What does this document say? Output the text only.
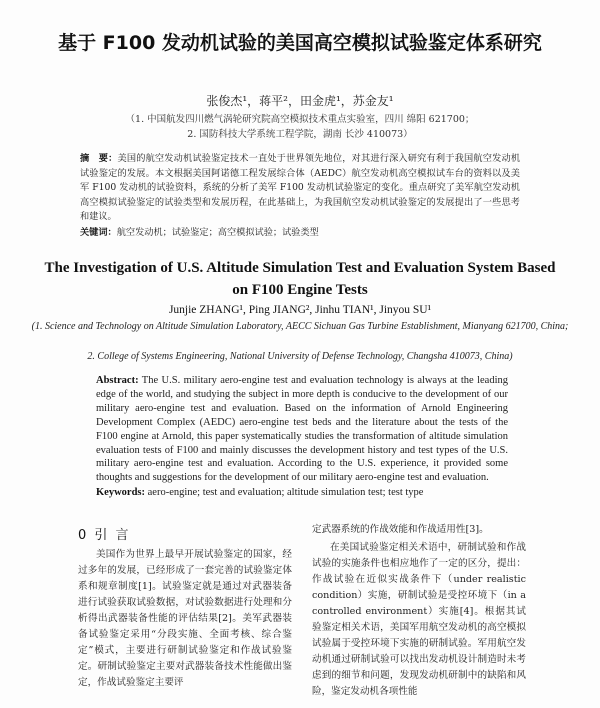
基于 F100 发动机试验的美国高空模拟试验鉴定体系研究
张俊杰¹，蒋平²，田金虎¹，苏金友¹
（1. 中国航发四川燃气涡轮研究院高空模拟技术重点实验室，四川 绵阳 621700；
2. 国防科技大学系统工程学院，湖南 长沙 410073）
摘　要：美国的航空发动机试验鉴定技术一直处于世界领先地位，对其进行深入研究有利于我国航空发动机试验鉴定的发展。本文根据美国阿诺德工程发展综合体（AEDC）航空发动机高空模拟试车台的资料以及美军 F100 发动机的试验资料，系统的分析了美军 F100 发动机试验鉴定的变化。重点研究了美军航空发动机高空模拟试验鉴定的试验类型和发展历程，在此基础上，为我国航空发动机试验鉴定的发展提出了一些思考和建议。
关键词：航空发动机；试验鉴定；高空模拟试验；试验类型
The Investigation of U.S. Altitude Simulation Test and Evaluation System Based on F100 Engine Tests
Junjie ZHANG¹, Ping JIANG², Jinhu TIAN¹, Jinyou SU¹
(1. Science and Technology on Altitude Simulation Laboratory, AECC Sichuan Gas Turbine Establishment, Mianyang 621700, China;
2. College of Systems Engineering, National University of Defense Technology, Changsha 410073, China)
Abstract: The U.S. military aero-engine test and evaluation technology is always at the leading edge of the world, and studying the subject in more depth is conducive to the development of our military aero-engine test and evaluation. Based on the information of Arnold Engineering Development Complex (AEDC) aero-engine test beds and the literature about the tests of the F100 engine at Arnold, this paper systematically studies the transformation of altitude simulation evaluation tests of F100 and mainly discusses the development history and test types of the U.S. military aero-engine test and evaluation. According to the U.S. experience, it provided some thoughts and suggestions for the development of our military aero-engine test and evaluation.
Keywords: aero-engine; test and evaluation; altitude simulation test; test type
0 引 言
美国作为世界上最早开展试验鉴定的国家，经过多年的发展，已经形成了一套完善的试验鉴定体系和规章制度[1]。试验鉴定就是通过对武器装备进行试验获取试验数据，对试验数据进行处理和分析得出武器装备性能的评估结果[2]。美军武器装备试验鉴定采用“分段实施、全面考核、综合鉴定”模式，主要进行研制试验鉴定和作战试验鉴定。研制试验鉴定主要对武器装备技术性能做出鉴定，作战试验鉴定主要评

定武器系统的作战效能和作战适用性[3]。

在美国试验鉴定相关术语中，研制试验和作战试验的实施条件也相应地作了一定的区分，提出：作战试验在近似实战条件下（under realistic condition）实施，研制试验是受控环境下（in a controlled environment）实施[4]。根据其试验鉴定相关术语，美国军用航空发动机的高空模拟试验属于受控环境下实施的研制试验。军用航空发动机通过研制试验可以找出发动机设计制造时未考虑到的细节和问题，发现发动机研制中的缺陷和风险，鉴定发动机各项性能
